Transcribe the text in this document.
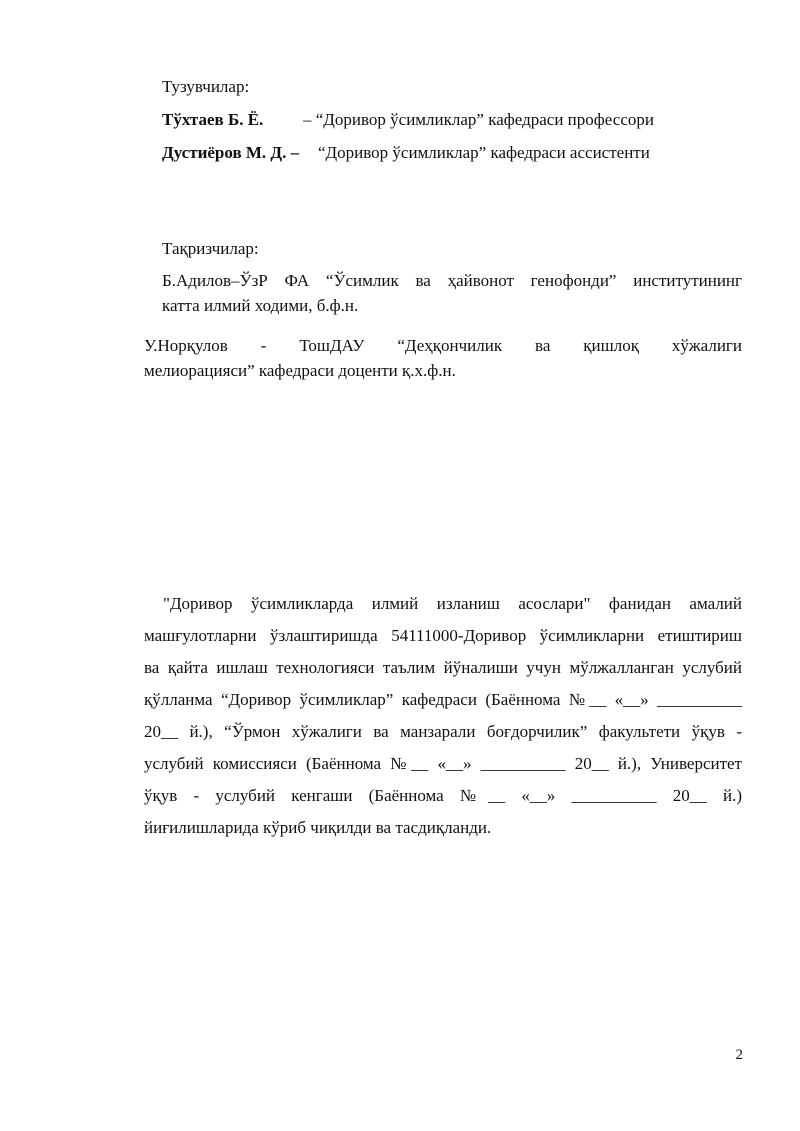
Тузувчилар:
Тўхтаев Б. Ё. – “Доривор ўсимликлар” кафедраси профессори
Дустиёров М. Д. – “Доривор ўсимликлар” кафедраси ассистенти
Тақризчилар:
Б.Адилов–ЎзР ФА “Ўсимлик ва ҳайвонот генофонди” институтининг
катта илмий ходими, б.ф.н.
У.Норқулов - ТошДАУ “Деҳқончилик ва қишлоқ хўжалиги
мелиорацияси” кафедраси доценти қ.х.ф.н.
"Доривор ўсимликларда илмий изланиш асослари" фанидан амалий
машғулотларни ўзлаштиришда 54111000-Доривор ўсимликларни етиштириш
ва қайта ишлаш технологияси таълим йўналиши учун мўлжалланган услубий
қўлланма “Доривор ўсимликлар” кафедраси (Баённома №__ «__» __________
20__ й.), “Ўрмон хўжалиги ва манзарали боғдорчилик” факультети ўқув -
услубий комиссияси (Баённома №__ «__» __________ 20__ й.), Университет
ўқув - услубий кенгаши (Баённома №__ «__» __________ 20__ й.)
йиғилишларида кўриб чиқилди ва тасдиқланди.
2
